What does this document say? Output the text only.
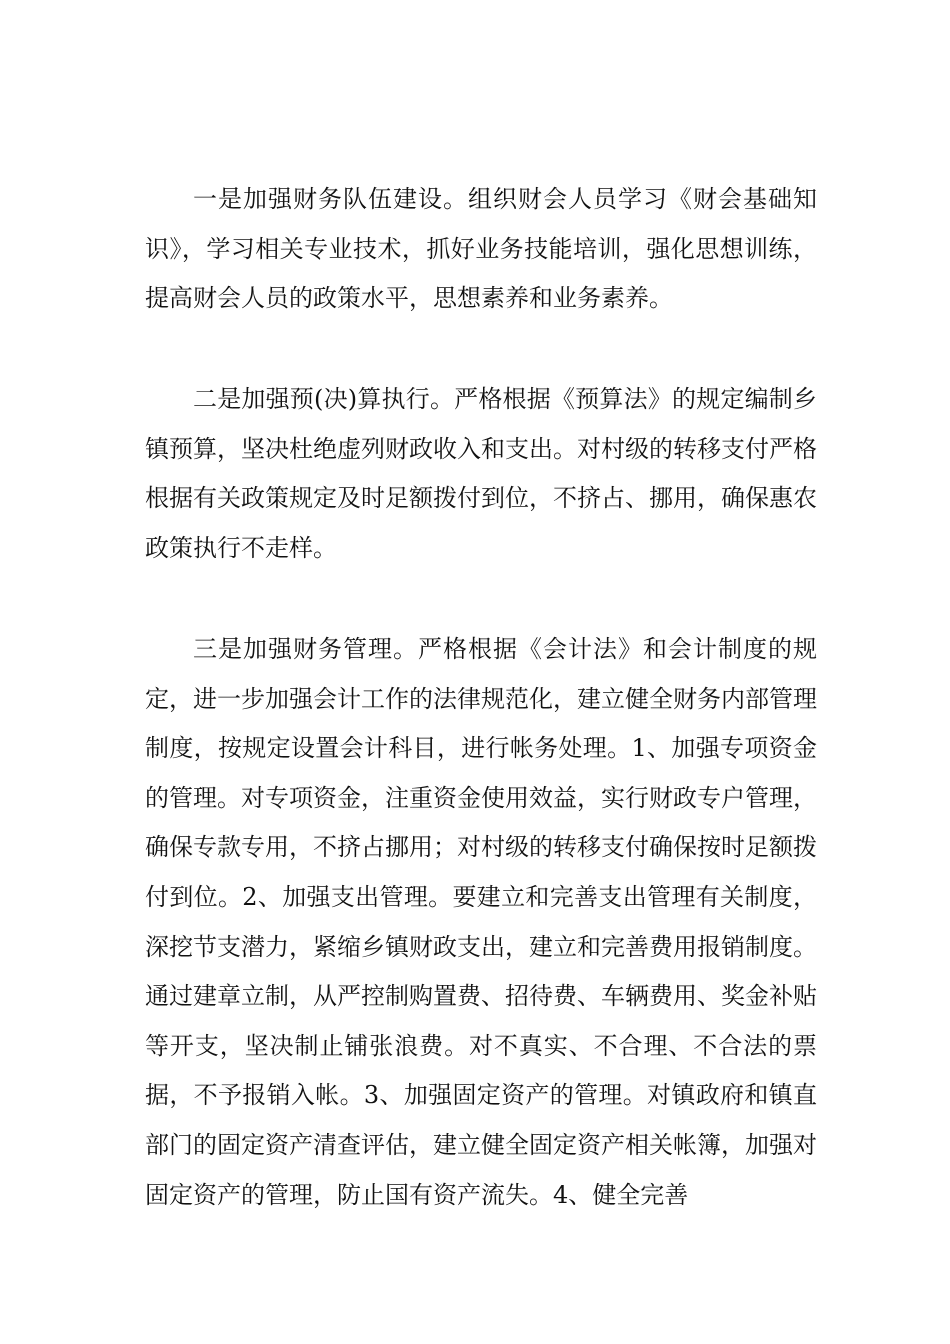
一是加强财务队伍建设。组织财会人员学习《财会基础知识》，学习相关专业技术，抓好业务技能培训，强化思想训练，提高财会人员的政策水平，思想素养和业务素养。

二是加强预(决)算执行。严格根据《预算法》的规定编制乡镇预算，坚决杜绝虚列财政收入和支出。对村级的转移支付严格根据有关政策规定及时足额拨付到位，不挤占、挪用，确保惠农政策执行不走样。

三是加强财务管理。严格根据《会计法》和会计制度的规定，进一步加强会计工作的法律规范化，建立健全财务内部管理制度，按规定设置会计科目，进行帐务处理。1、加强专项资金的管理。对专项资金，注重资金使用效益，实行财政专户管理，确保专款专用，不挤占挪用；对村级的转移支付确保按时足额拨付到位。2、加强支出管理。要建立和完善支出管理有关制度，深挖节支潜力，紧缩乡镇财政支出，建立和完善费用报销制度。通过建章立制，从严控制购置费、招待费、车辆费用、奖金补贴等开支，坚决制止铺张浪费。对不真实、不合理、不合法的票据，不予报销入帐。3、加强固定资产的管理。对镇政府和镇直部门的固定资产清查评估，建立健全固定资产相关帐簿，加强对固定资产的管理，防止国有资产流失。4、健全完善
